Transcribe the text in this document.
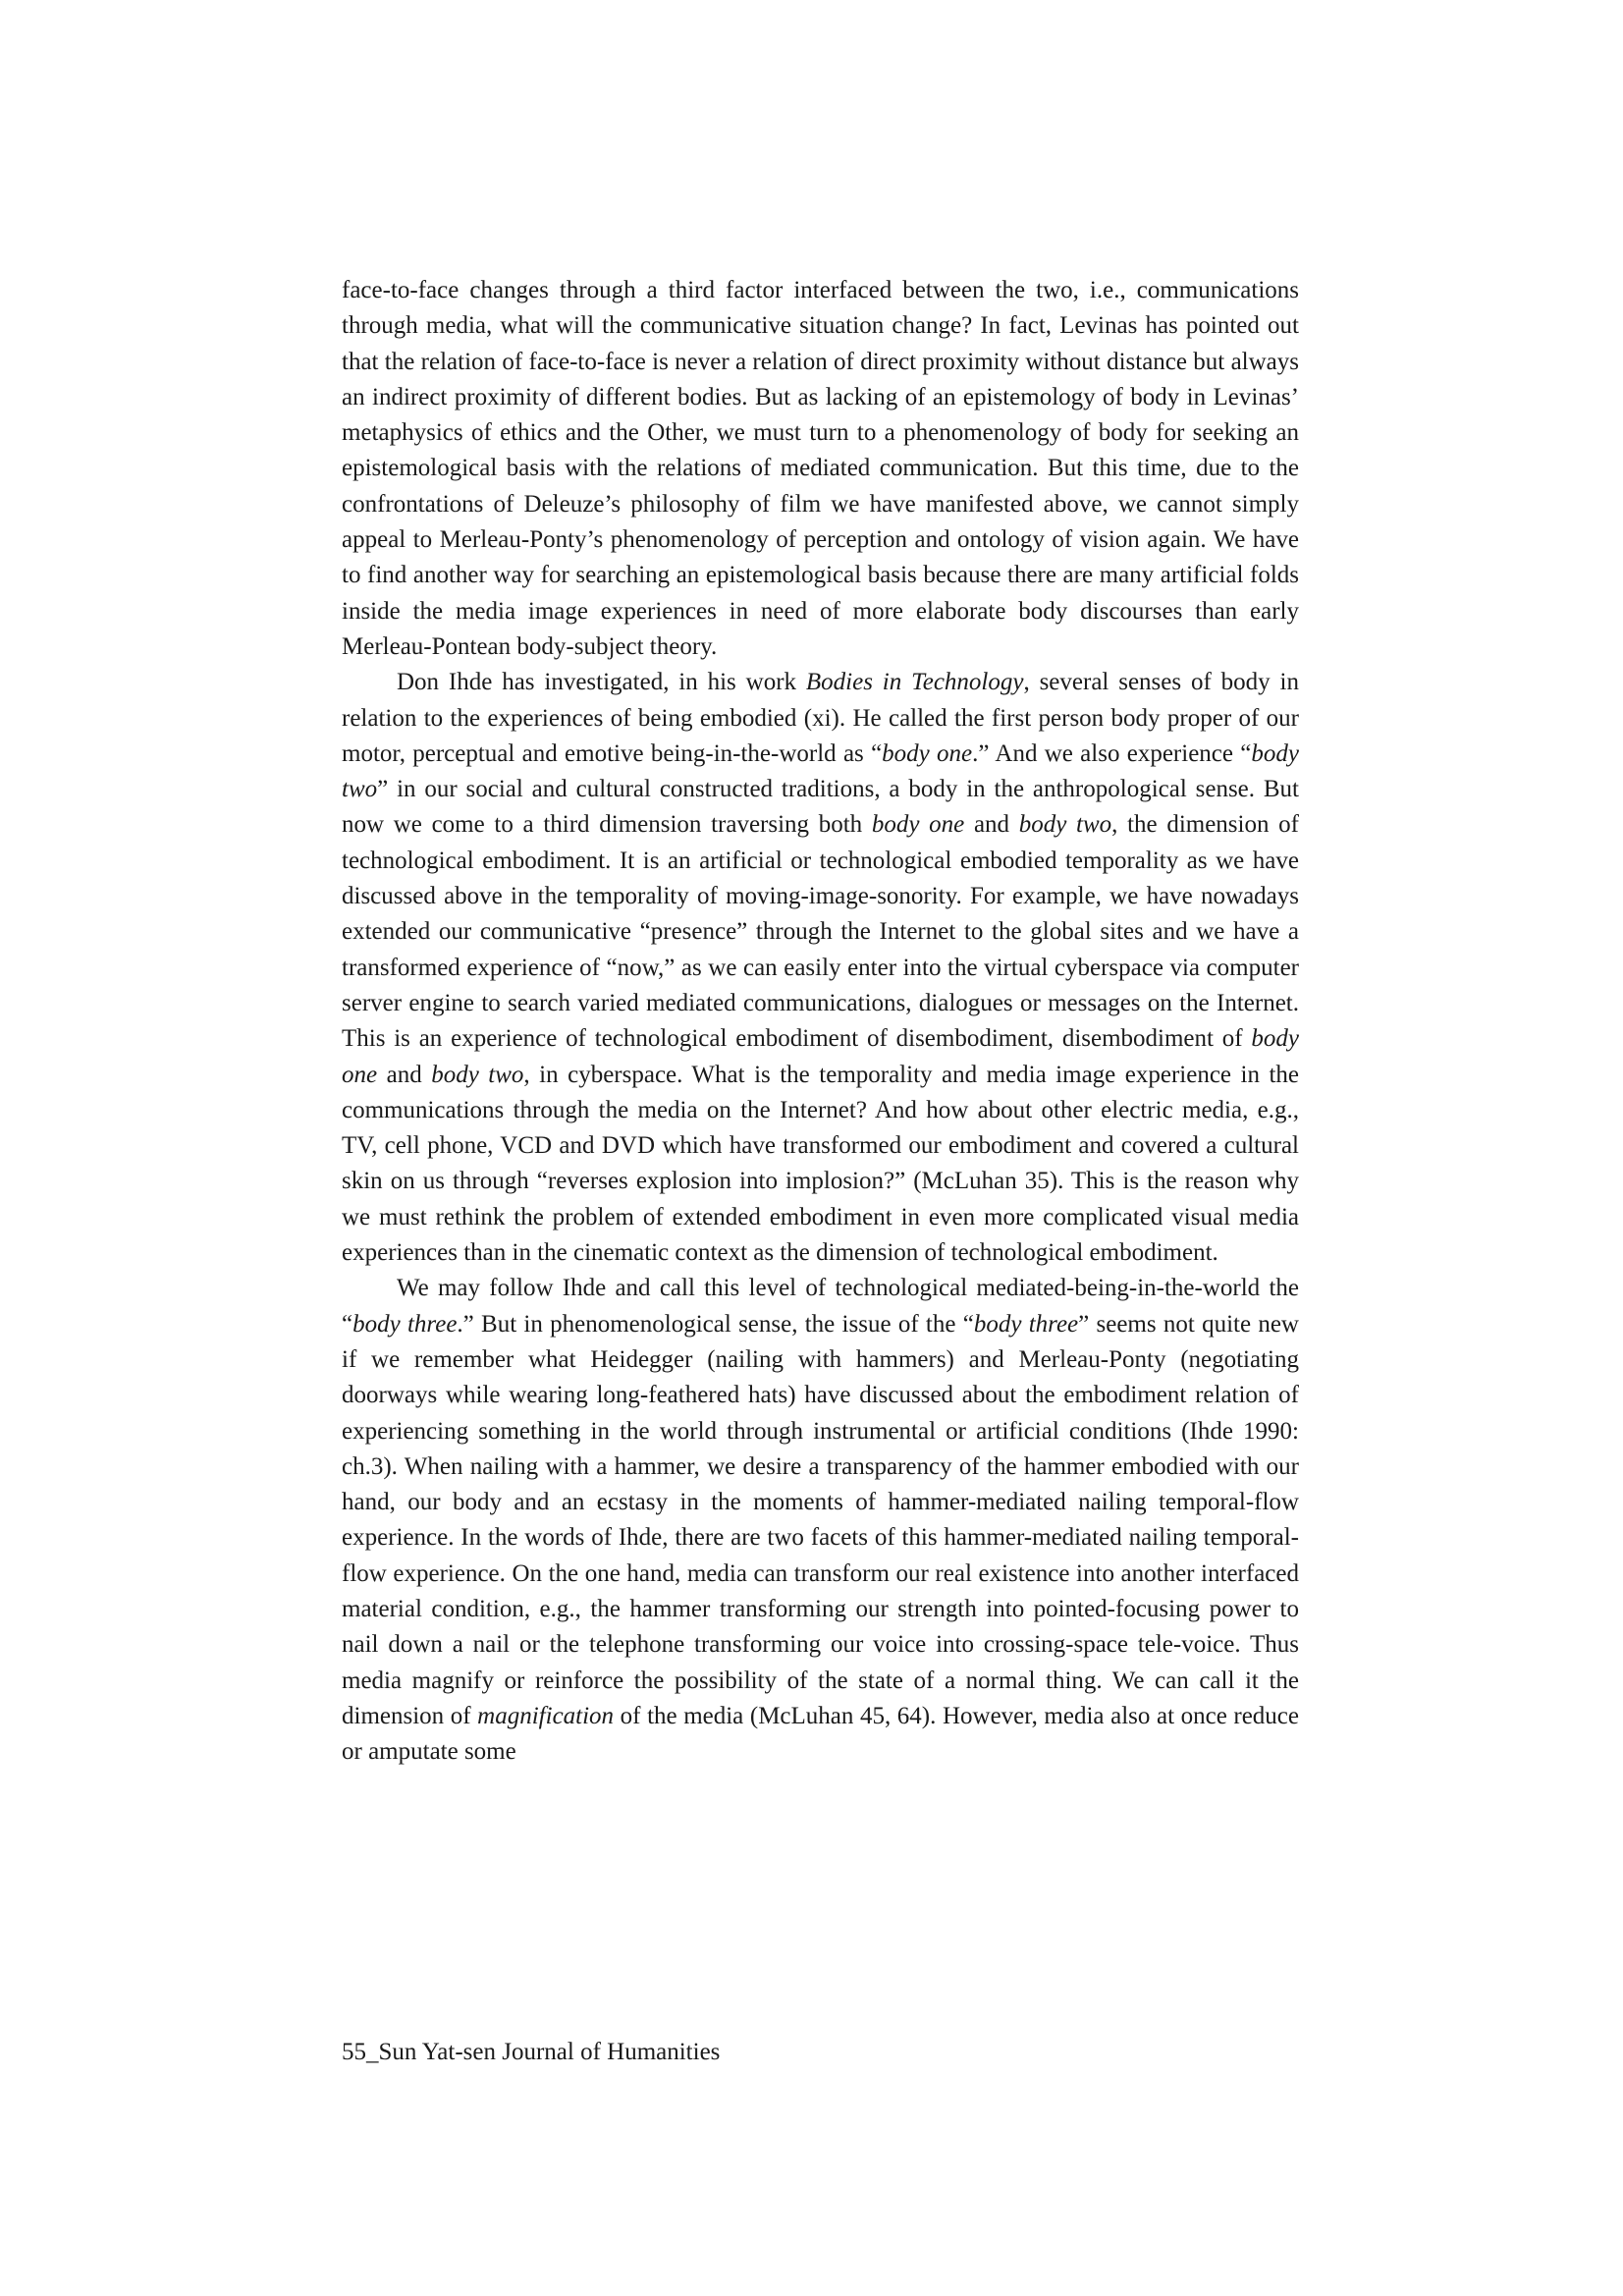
face-to-face changes through a third factor interfaced between the two, i.e., communications through media, what will the communicative situation change? In fact, Levinas has pointed out that the relation of face-to-face is never a relation of direct proximity without distance but always an indirect proximity of different bodies. But as lacking of an epistemology of body in Levinas’ metaphysics of ethics and the Other, we must turn to a phenomenology of body for seeking an epistemological basis with the relations of mediated communication. But this time, due to the confrontations of Deleuze’s philosophy of film we have manifested above, we cannot simply appeal to Merleau-Ponty’s phenomenology of perception and ontology of vision again. We have to find another way for searching an epistemological basis because there are many artificial folds inside the media image experiences in need of more elaborate body discourses than early Merleau-Pontean body-subject theory.

Don Ihde has investigated, in his work Bodies in Technology, several senses of body in relation to the experiences of being embodied (xi). He called the first person body proper of our motor, perceptual and emotive being-in-the-world as “body one.” And we also experience “body two” in our social and cultural constructed traditions, a body in the anthropological sense. But now we come to a third dimension traversing both body one and body two, the dimension of technological embodiment. It is an artificial or technological embodied temporality as we have discussed above in the temporality of moving-image-sonority. For example, we have nowadays extended our communicative “presence” through the Internet to the global sites and we have a transformed experience of “now,” as we can easily enter into the virtual cyberspace via computer server engine to search varied mediated communications, dialogues or messages on the Internet. This is an experience of technological embodiment of disembodiment, disembodiment of body one and body two, in cyberspace. What is the temporality and media image experience in the communications through the media on the Internet? And how about other electric media, e.g., TV, cell phone, VCD and DVD which have transformed our embodiment and covered a cultural skin on us through “reverses explosion into implosion?” (McLuhan 35). This is the reason why we must rethink the problem of extended embodiment in even more complicated visual media experiences than in the cinematic context as the dimension of technological embodiment.

We may follow Ihde and call this level of technological mediated-being-in-the-world the “body three.” But in phenomenological sense, the issue of the “body three” seems not quite new if we remember what Heidegger (nailing with hammers) and Merleau-Ponty (negotiating doorways while wearing long-feathered hats) have discussed about the embodiment relation of experiencing something in the world through instrumental or artificial conditions (Ihde 1990: ch.3). When nailing with a hammer, we desire a transparency of the hammer embodied with our hand, our body and an ecstasy in the moments of hammer-mediated nailing temporal-flow experience. In the words of Ihde, there are two facets of this hammer-mediated nailing temporal-flow experience. On the one hand, media can transform our real existence into another interfaced material condition, e.g., the hammer transforming our strength into pointed-focusing power to nail down a nail or the telephone transforming our voice into crossing-space tele-voice. Thus media magnify or reinforce the possibility of the state of a normal thing. We can call it the dimension of magnification of the media (McLuhan 45, 64). However, media also at once reduce or amputate some

55_Sun Yat-sen Journal of Humanities
